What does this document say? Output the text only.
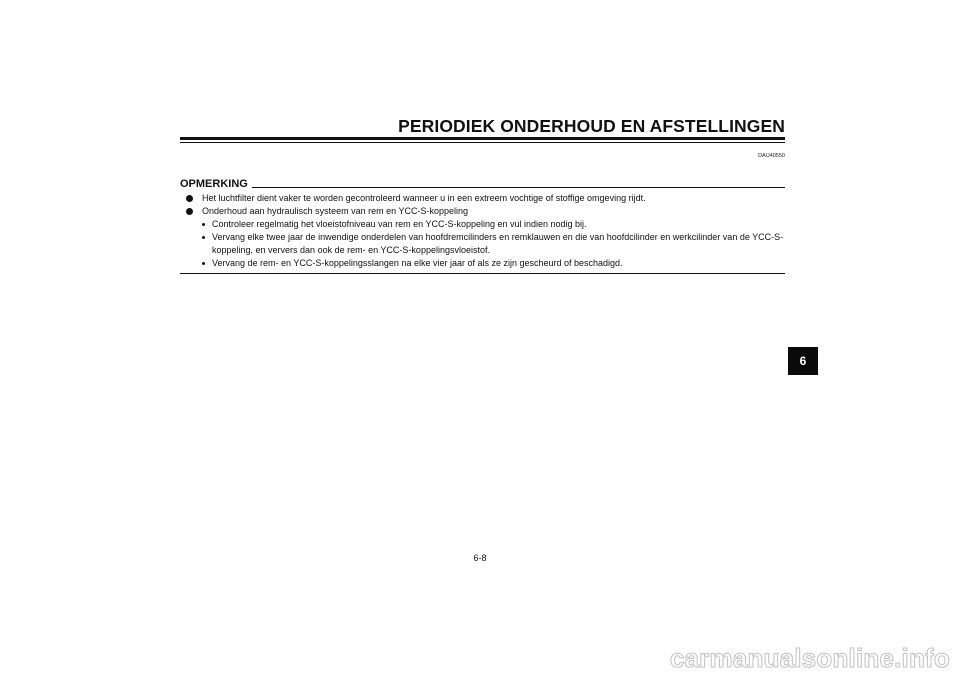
PERIODIEK ONDERHOUD EN AFSTELLINGEN
DAU40550
OPMERKING
Het luchtfilter dient vaker te worden gecontroleerd wanneer u in een extreem vochtige of stoffige omgeving rijdt.
Onderhoud aan hydraulisch systeem van rem en YCC-S-koppeling
Controleer regelmatig het vloeistofniveau van rem en YCC-S-koppeling en vul indien nodig bij.
Vervang elke twee jaar de inwendige onderdelen van hoofdremcilinders en remklauwen en die van hoofdcilinder en werkcilinder van de YCC-S-koppeling, en ververs dan ook de rem- en YCC-S-koppelingsvloeistof.
Vervang de rem- en YCC-S-koppelingsslangen na elke vier jaar of als ze zijn gescheurd of beschadigd.
6
6-8
carmanualsonline.info
